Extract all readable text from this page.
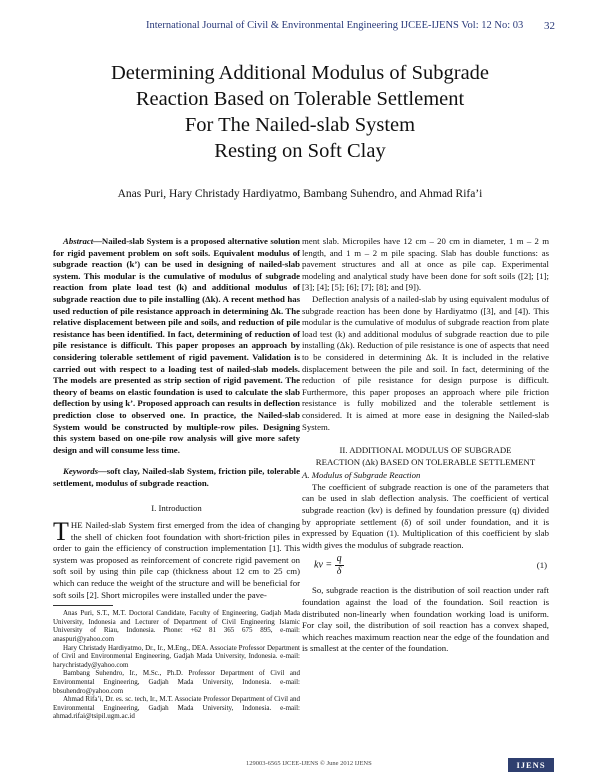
International Journal of Civil & Environmental Engineering IJCEE-IJENS Vol: 12 No: 03 32
Determining Additional Modulus of Subgrade
Reaction Based on Tolerable Settlement
For The Nailed-slab System
Resting on Soft Clay
Anas Puri, Hary Christady Hardiyatmo, Bambang Suhendro, and Ahmad Rifa’i

Abstract—Nailed-slab System is a proposed alternative solution for rigid pavement problem on soft soils. Equivalent modulus of subgrade reaction (k’) can be used in designing of nailed-slab system. This modular is the cumulative of modulus of subgrade reaction from plate load test (k) and additional modulus of subgrade reaction due to pile installing (Δk). A recent method has used reduction of pile resistance approach in determining Δk. The relative displacement between pile and soils, and reduction of pile resistance has been identified. In fact, determining of reduction of pile resistance is difficult. This paper proposes an approach by considering tolerable settlement of rigid pavement. Validation is carried out with respect to a loading test of nailed-slab models. The models are presented as strip section of rigid pavement. The theory of beams on elastic foundation is used to calculate the slab deflection by using k’. Proposed approach can results in deflection prediction close to observed one. In practice, the Nailed-slab System would be constructed by multiple-row piles. Designing this system based on one-pile row analysis will give more safety design and will consume less time.

Keywords—soft clay, Nailed-slab System, friction pile, tolerable settlement, modulus of subgrade reaction.

I. Introduction

THE Nailed-slab System first emerged from the idea of changing the shell of chicken foot foundation with short-friction piles in order to gain the efficiency of construction implementation [1]. This system was proposed as reinforcement of concrete rigid pavement on soft soil by using thin pile cap (thickness about 12 cm to 25 cm) which can reduce the weight of the structure and will be beneficial for soft soils [2]. Short micropiles were installed under the pave-

Anas Puri, S.T., M.T. Doctoral Candidate, Faculty of Engineering, Gadjah Mada University, Indonesia and Lecturer of Department of Civil Engineering Islamic University of Riau, Indonesia. Phone: +62 81 365 675 895, e-mail: anaspuri@yahoo.com

Hary Christady Hardiyatmo, Dr., Ir., M.Eng., DEA. Associate Professor Department of Civil and Environmental Engineering, Gadjah Mada University, Indonesia. e-mail: harychristady@yahoo.com

Bambang Suhendro, Ir., M.Sc., Ph.D. Professor Department of Civil and Environmental Engineering, Gadjah Mada University, Indonesia. e-mail: bbsuhendro@yahoo.com

Ahmad Rifa’i, Dr. es. sc. tech, Ir., M.T. Associate Professor Department of Civil and Environmental Engineering, Gadjah Mada University, Indonesia. e-mail: ahmad.rifai@tsipil.ugm.ac.id

ment slab. Micropiles have 12 cm – 20 cm in diameter, 1 m – 2 m length, and 1 m – 2 m pile spacing. Slab has double functions: as pavement structures and all at once as pile cap. Experimental modeling and analytical study have been done for soft soils ([2]; [1]; [3]; [4]; [5]; [6]; [7]; [8]; and [9]).

Deflection analysis of a nailed-slab by using equivalent modulus of subgrade reaction has been done by Hardiyatmo ([3], and [4]). This modular is the cumulative of modulus of subgrade reaction from plate load test (k) and additional modulus of subgrade reaction due to pile installing (Δk). Reduction of pile resistance is one of aspects that need to be considered in determining Δk. It is included in the relative displacement between the pile and soil. In fact, determining of the reduction of pile resistance for design purpose is difficult. Furthermore, this paper proposes an approach where pile friction resistance is fully mobilized and the tolerable settlement is considered. It is aimed at more ease in designing the Nailed-slab System.

II. ADDITIONAL MODULUS OF SUBGRADE

REACTION (Δk) BASED ON TOLERABLE SETTLEMENT

A. Modulus of Subgrade Reaction

The coefficient of subgrade reaction is one of the parameters that can be used in slab deflection analysis. The coefficient of vertical subgrade reaction (kv) is defined by foundation pressure (q) divided by appropriate settlement (δ) of soil under foundation, and it is expressed by Equation (1). Multiplication of this coefficient by slab width gives the modulus of subgrade reaction.

kv = $\frac{q}{\delta}$	(1)

So, subgrade reaction is the distribution of soil reaction under raft foundation against the load of the foundation. Soil reaction is distributed non-linearly when foundation working load is uniform. For clay soil, the distribution of soil reaction has a convex shaped, which reaches maximum reaction near the edge of the foundation and is smallest at the center of the foundation.

129003-6565 IJCEE-IJENS © June 2012 IJENS	IJENS
